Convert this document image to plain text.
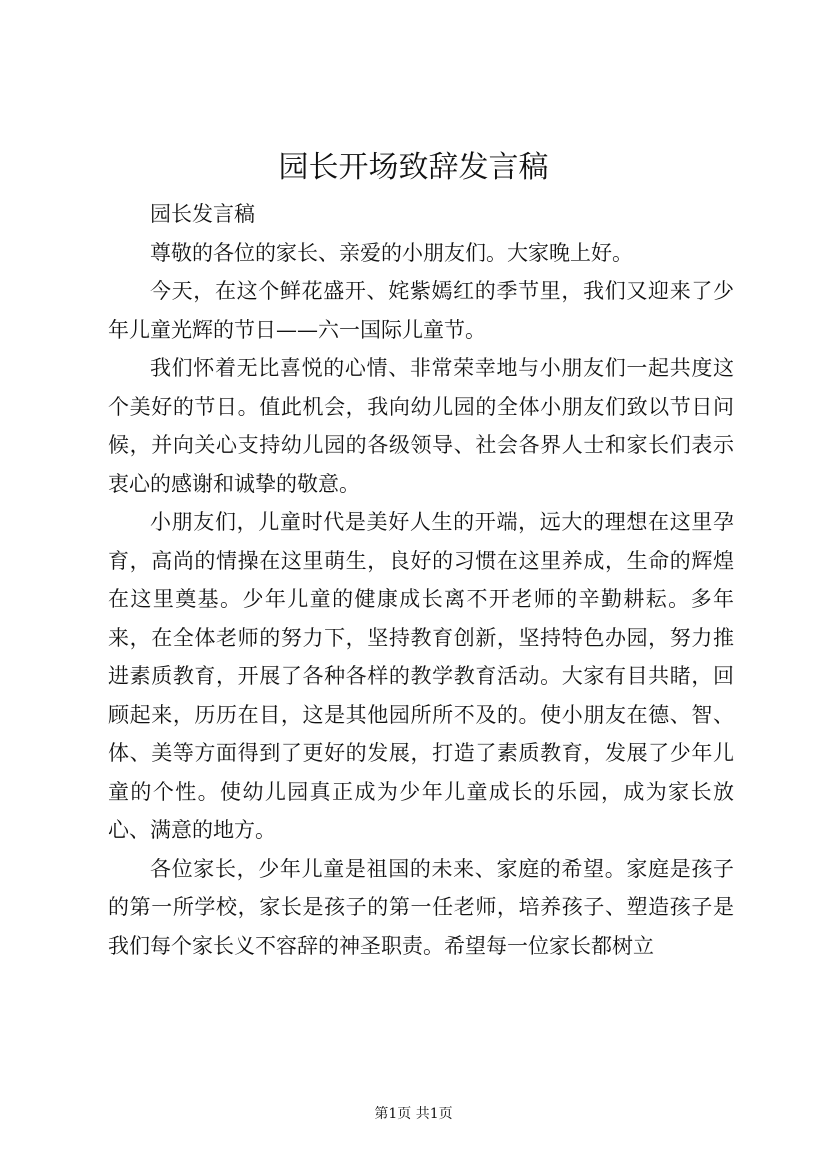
园长开场致辞发言稿

园长发言稿

尊敬的各位的家长、亲爱的小朋友们。大家晚上好。

今天，在这个鲜花盛开、姹紫嫣红的季节里，我们又迎来了少年儿童光辉的节日——六一国际儿童节。

我们怀着无比喜悦的心情、非常荣幸地与小朋友们一起共度这个美好的节日。值此机会，我向幼儿园的全体小朋友们致以节日问候，并向关心支持幼儿园的各级领导、社会各界人士和家长们表示衷心的感谢和诚挚的敬意。

小朋友们，儿童时代是美好人生的开端，远大的理想在这里孕育，高尚的情操在这里萌生，良好的习惯在这里养成，生命的辉煌在这里奠基。少年儿童的健康成长离不开老师的辛勤耕耘。多年来，在全体老师的努力下，坚持教育创新，坚持特色办园，努力推进素质教育，开展了各种各样的教学教育活动。大家有目共睹，回顾起来，历历在目，这是其他园所所不及的。使小朋友在德、智、体、美等方面得到了更好的发展，打造了素质教育，发展了少年儿童的个性。使幼儿园真正成为少年儿童成长的乐园，成为家长放心、满意的地方。

各位家长，少年儿童是祖国的未来、家庭的希望。家庭是孩子的第一所学校，家长是孩子的第一任老师，培养孩子、塑造孩子是我们每个家长义不容辞的神圣职责。希望每一位家长都树立

第1页 共1页
